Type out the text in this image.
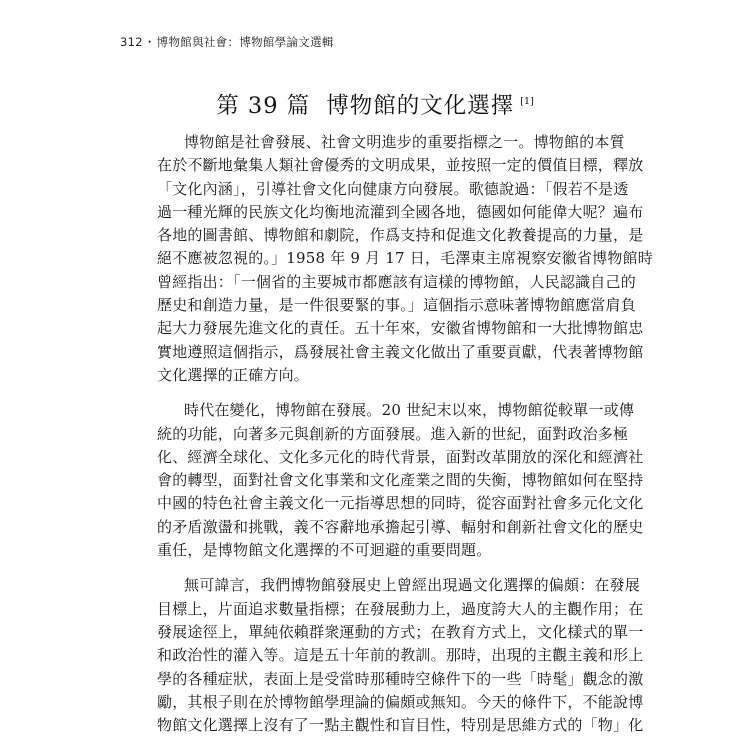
312・博物館與社會：博物館學論文選輯
第 39 篇 博物館的文化選擇 [1]
博物館是社會發展、社會文明進步的重要指標之一。博物館的本質
在於不斷地彙集人類社會優秀的文明成果，並按照一定的價值目標，釋放
「文化內涵」，引導社會文化向健康方向發展。歌德說過：「假若不是透
過一種光輝的民族文化均衡地流灌到全國各地，德國如何能偉大呢？遍布
各地的圖書館、博物館和劇院，作爲支持和促進文化教養提高的力量，是
絕不應被忽視的。」1958 年 9 月 17 日，毛澤東主席視察安徽省博物館時
曾經指出：「一個省的主要城市都應該有這樣的博物館，人民認識自己的
歷史和創造力量，是一件很要緊的事。」這個指示意味著博物館應當肩負
起大力發展先進文化的責任。五十年來，安徽省博物館和一大批博物館忠
實地遵照這個指示，爲發展社會主義文化做出了重要貢獻，代表著博物館
文化選擇的正確方向。
時代在變化，博物館在發展。20 世紀末以來，博物館從較單一或傳
統的功能，向著多元與創新的方面發展。進入新的世紀，面對政治多極
化、經濟全球化、文化多元化的時代背景，面對改革開放的深化和經濟社
會的轉型，面對社會文化事業和文化產業之間的失衡，博物館如何在堅持
中國的特色社會主義文化一元指導思想的同時，從容面對社會多元化文化
的矛盾激盪和挑戰，義不容辭地承擔起引導、輻射和創新社會文化的歷史
重任，是博物館文化選擇的不可迴避的重要問題。
無可諱言，我們博物館發展史上曾經出現過文化選擇的偏頗：在發展
目標上，片面追求數量指標；在發展動力上，過度誇大人的主觀作用；在
發展途徑上，單純依賴群衆運動的方式；在教育方式上，文化樣式的單一
和政治性的灌入等。這是五十年前的教訓。那時，出現的主觀主義和形上
學的各種症狀，表面上是受當時那種時空條件下的一些「時髦」觀念的激
勵，其根子則在於博物館學理論的偏頗或無知。今天的條件下，不能說博
物館文化選擇上沒有了一點主觀性和盲目性，特別是思維方式的「物」化
